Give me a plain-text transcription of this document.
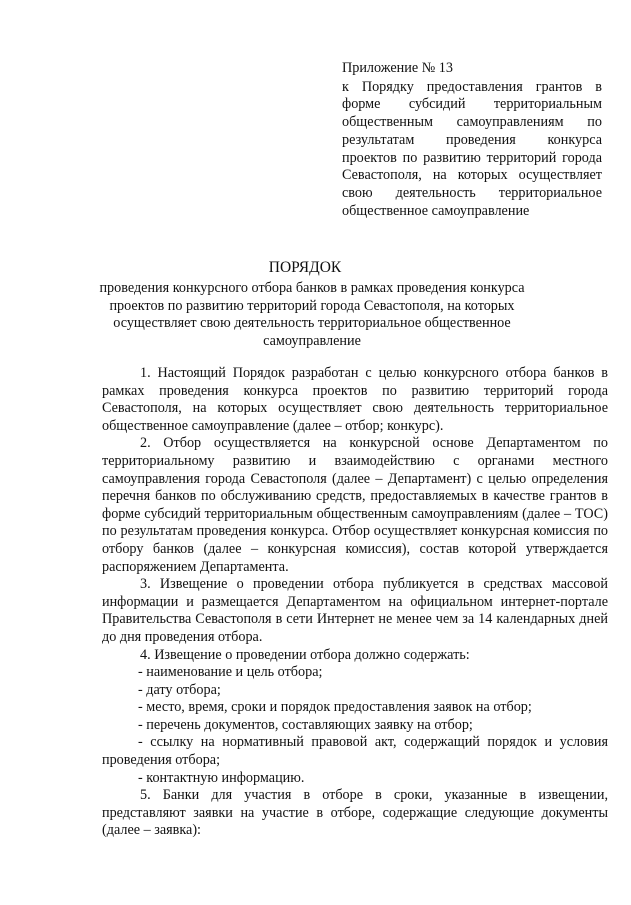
Приложение № 13
к Порядку предоставления грантов в форме субсидий территориальным общественным самоуправлениям по результатам проведения конкурса проектов по развитию территорий города Севастополя, на которых осуществляет свою деятельность территориальное общественное самоуправление
ПОРЯДОК
проведения конкурсного отбора банков в рамках проведения конкурса проектов по развитию территорий города Севастополя, на которых осуществляет свою деятельность территориальное общественное самоуправление

1. Настоящий Порядок разработан с целью конкурсного отбора банков в рамках проведения конкурса проектов по развитию территорий города Севастополя, на которых осуществляет свою деятельность территориальное общественное самоуправление (далее – отбор; конкурс).

2. Отбор осуществляется на конкурсной основе Департаментом по территориальному развитию и взаимодействию с органами местного самоуправления города Севастополя (далее – Департамент) с целью определения перечня банков по обслуживанию средств, предоставляемых в качестве грантов в форме субсидий территориальным общественным самоуправлениям (далее – ТОС) по результатам проведения конкурса. Отбор осуществляет конкурсная комиссия по отбору банков (далее – конкурсная комиссия), состав которой утверждается распоряжением Департамента.

3. Извещение о проведении отбора публикуется в средствах массовой информации и размещается Департаментом на официальном интернет-портале Правительства Севастополя в сети Интернет не менее чем за 14 календарных дней до дня проведения отбора.

4. Извещение о проведении отбора должно содержать:

- наименование и цель отбора;

- дату отбора;

- место, время, сроки и порядок предоставления заявок на отбор;

- перечень документов, составляющих заявку на отбор;

- ссылку на нормативный правовой акт, содержащий порядок и условия проведения отбора;

- контактную информацию.

5. Банки для участия в отборе в сроки, указанные в извещении, представляют заявки на участие в отборе, содержащие следующие документы (далее – заявка):
